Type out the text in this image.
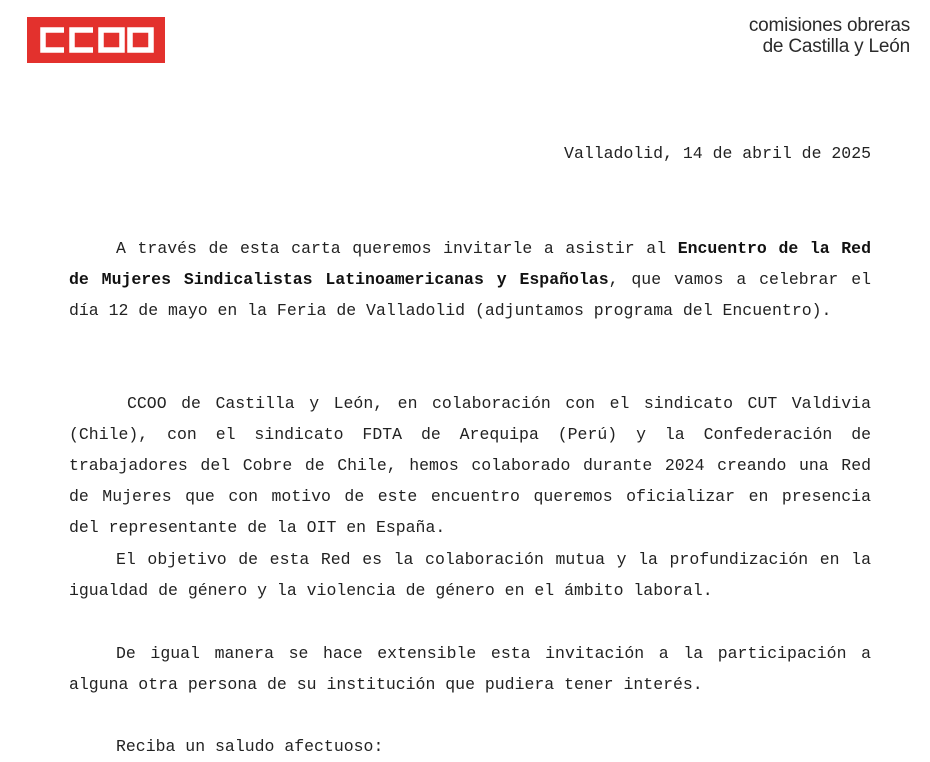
comisiones obreras
de Castilla y León
Valladolid, 14 de abril de 2025

A través de esta carta queremos invitarle a asistir al Encuentro de la Red de Mujeres Sindicalistas Latinoamericanas y Españolas, que vamos a celebrar el día 12 de mayo en la Feria de Valladolid (adjuntamos programa del Encuentro).

CCOO de Castilla y León, en colaboración con el sindicato CUT Valdivia (Chile), con el sindicato FDTA de Arequipa (Perú) y la Confederación de trabajadores del Cobre de Chile, hemos colaborado durante 2024 creando una Red de Mujeres que con motivo de este encuentro queremos oficializar en presencia del representante de la OIT en España.

El objetivo de esta Red es la colaboración mutua y la profundización en la igualdad de género y la violencia de género en el ámbito laboral.

De igual manera se hace extensible esta invitación a la participación a alguna otra persona de su institución que pudiera tener interés.

Reciba un saludo afectuoso:
